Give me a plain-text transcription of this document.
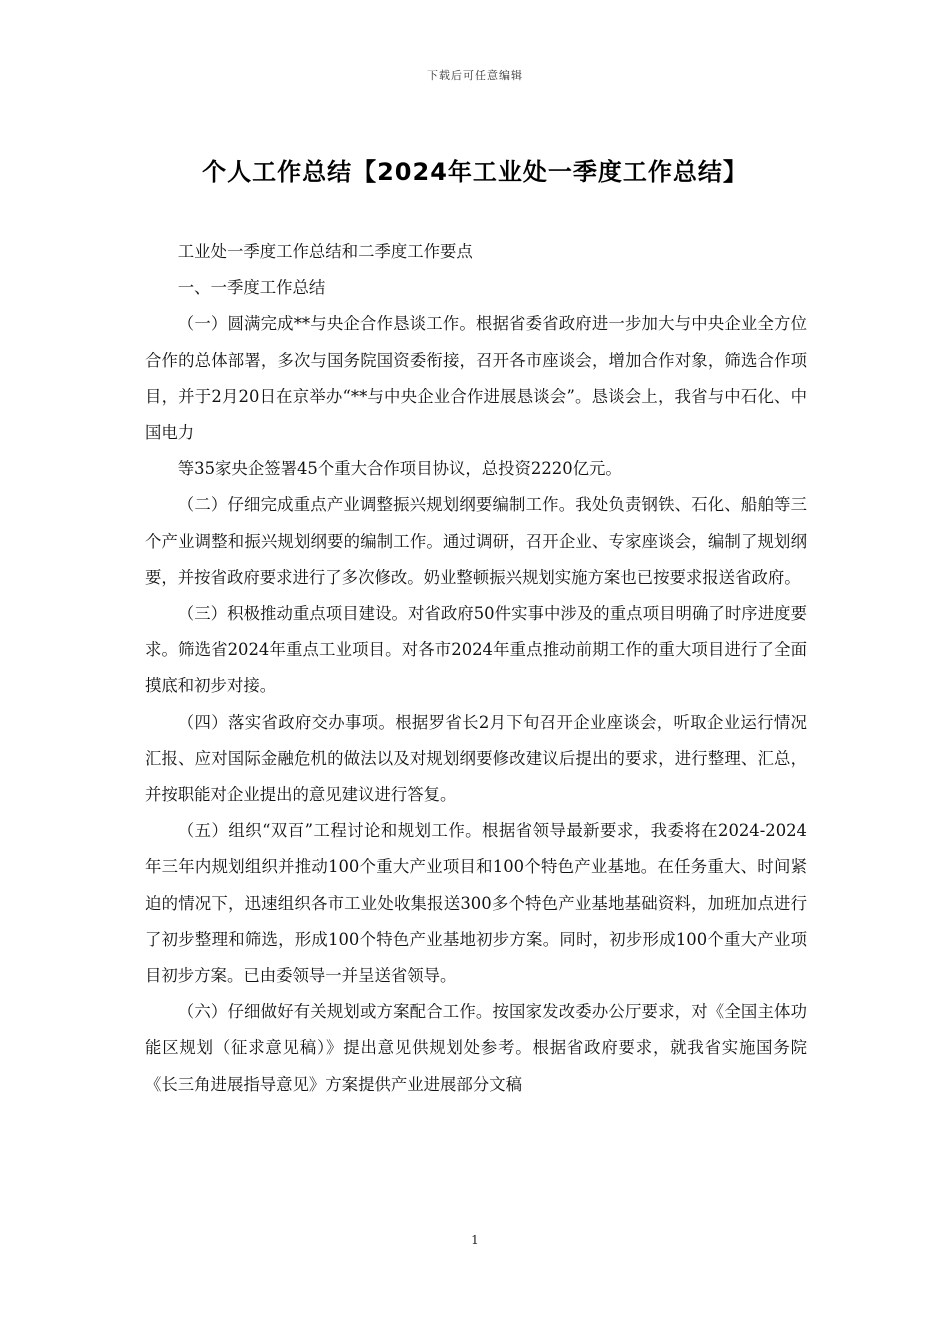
下载后可任意编辑
个人工作总结【2024年工业处一季度工作总结】

工业处一季度工作总结和二季度工作要点

一、一季度工作总结

（一）圆满完成**与央企合作恳谈工作。根据省委省政府进一步加大与中央企业全方位合作的总体部署，多次与国务院国资委衔接，召开各市座谈会，增加合作对象，筛选合作项目，并于2月20日在京举办“**与中央企业合作进展恳谈会”。恳谈会上，我省与中石化、中国电力

等35家央企签署45个重大合作项目协议，总投资2220亿元。

（二）仔细完成重点产业调整振兴规划纲要编制工作。我处负责钢铁、石化、船舶等三个产业调整和振兴规划纲要的编制工作。通过调研，召开企业、专家座谈会，编制了规划纲要，并按省政府要求进行了多次修改。奶业整顿振兴规划实施方案也已按要求报送省政府。

（三）积极推动重点项目建设。对省政府50件实事中涉及的重点项目明确了时序进度要求。筛选省2024年重点工业项目。对各市2024年重点推动前期工作的重大项目进行了全面摸底和初步对接。

（四）落实省政府交办事项。根据罗省长2月下旬召开企业座谈会，听取企业运行情况汇报、应对国际金融危机的做法以及对规划纲要修改建议后提出的要求，进行整理、汇总，并按职能对企业提出的意见建议进行答复。

（五）组织“双百”工程讨论和规划工作。根据省领导最新要求，我委将在2024-2024年三年内规划组织并推动100个重大产业项目和100个特色产业基地。在任务重大、时间紧迫的情况下，迅速组织各市工业处收集报送300多个特色产业基地基础资料，加班加点进行了初步整理和筛选，形成100个特色产业基地初步方案。同时，初步形成100个重大产业项目初步方案。已由委领导一并呈送省领导。

（六）仔细做好有关规划或方案配合工作。按国家发改委办公厅要求，对《全国主体功能区规划（征求意见稿）》提出意见供规划处参考。根据省政府要求，就我省实施国务院《长三角进展指导意见》方案提供产业进展部分文稿

1
